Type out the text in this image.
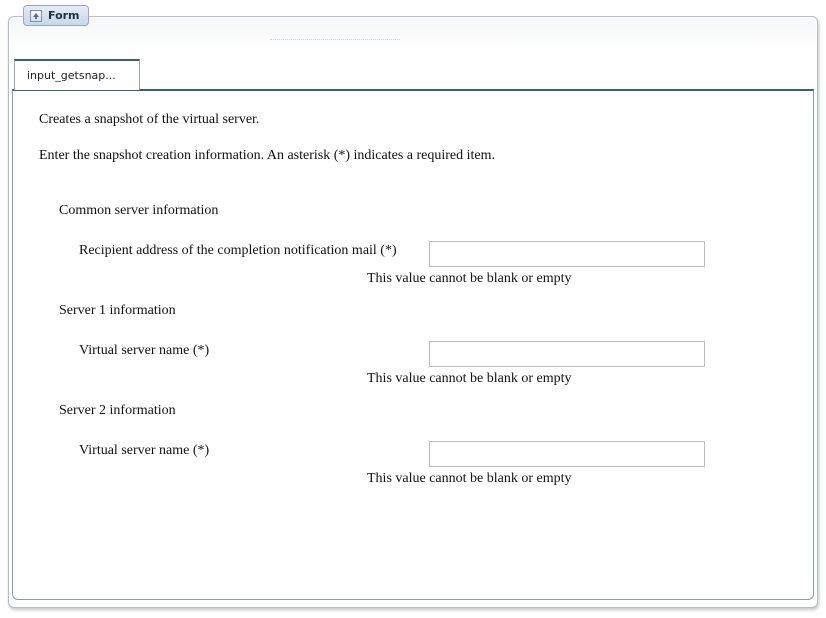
Form
input_getsnap...
Creates a snapshot of the virtual server.
Enter the snapshot creation information. An asterisk (*) indicates a required item.
Common server information
Recipient address of the completion notification mail (*)
This value cannot be blank or empty
Server 1 information
Virtual server name (*)
This value cannot be blank or empty
Server 2 information
Virtual server name (*)
This value cannot be blank or empty
